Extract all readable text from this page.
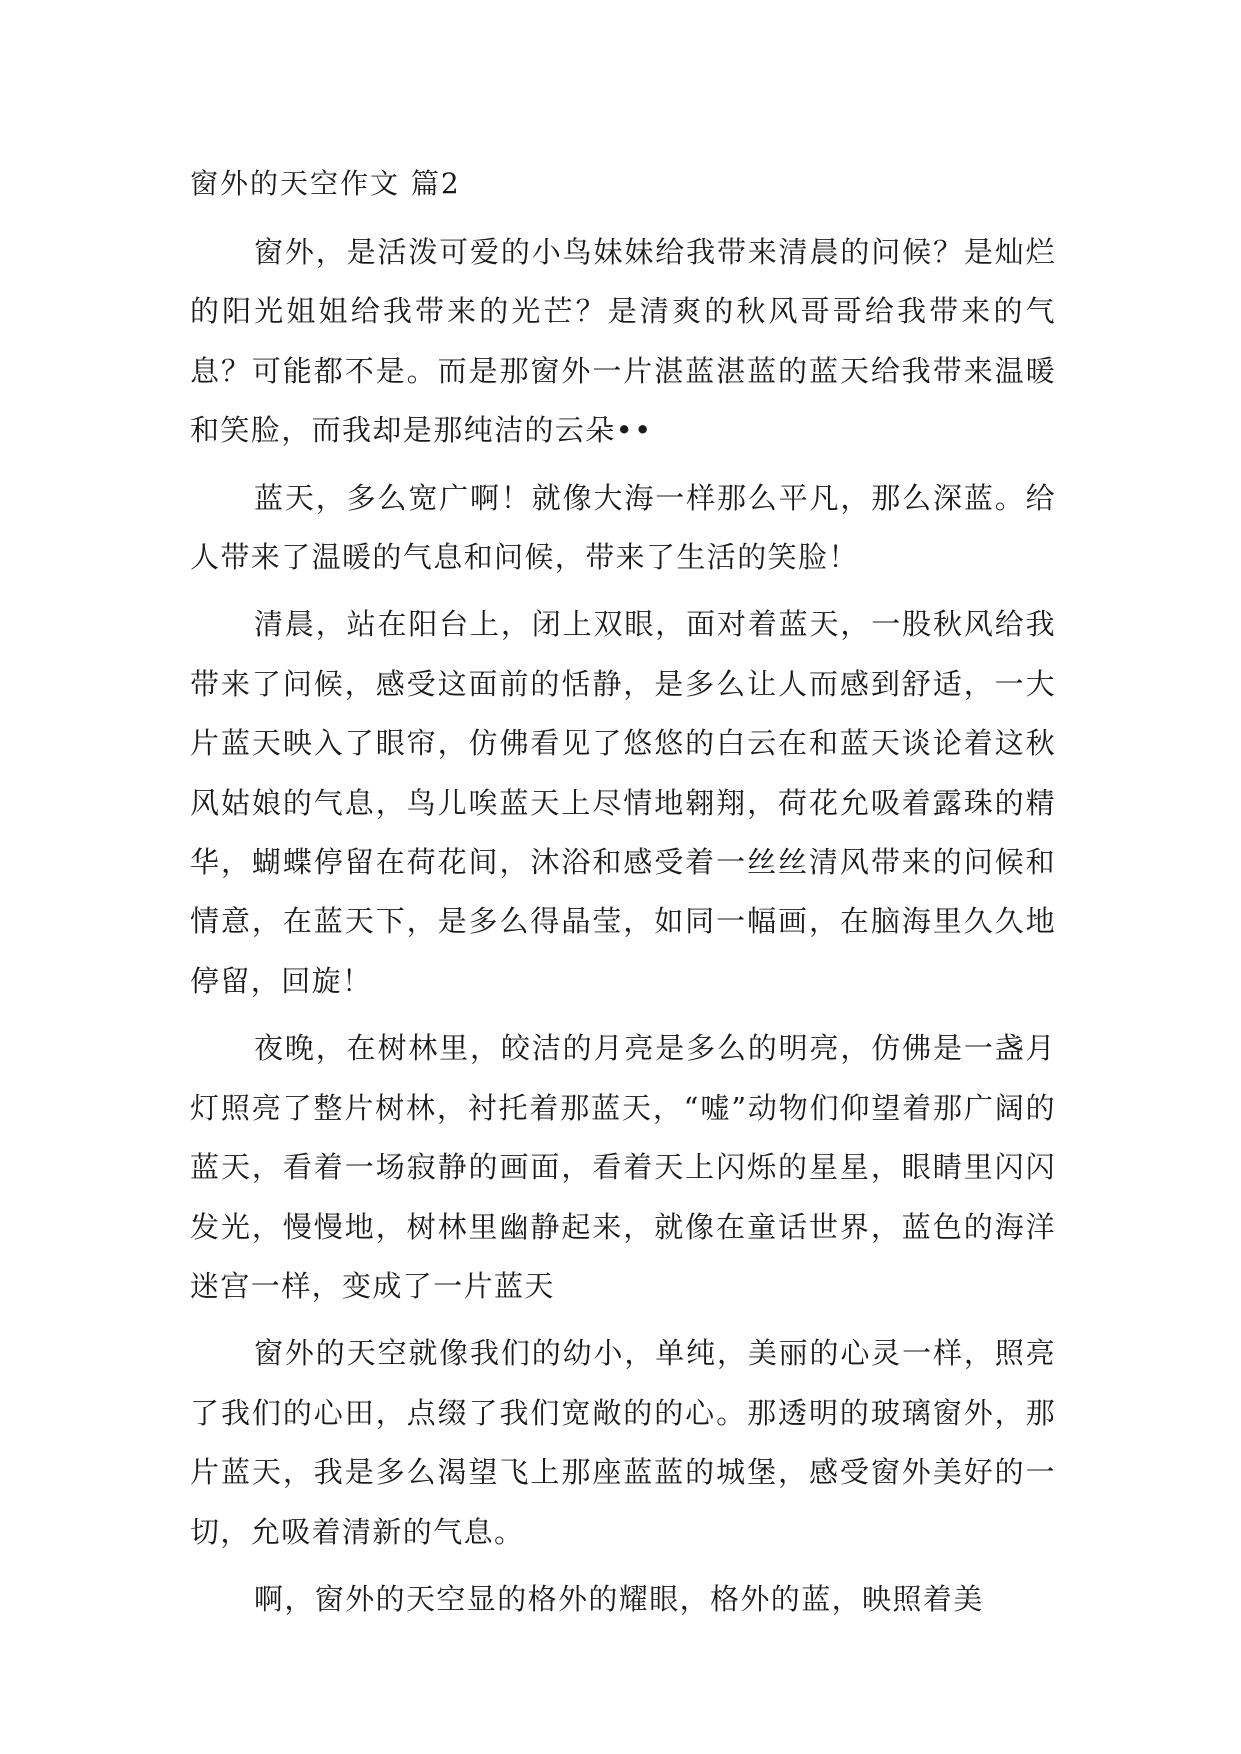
窗外的天空作文 篇2

窗外，是活泼可爱的小鸟妹妹给我带来清晨的问候？是灿烂的阳光姐姐给我带来的光芒？是清爽的秋风哥哥给我带来的气息？可能都不是。而是那窗外一片湛蓝湛蓝的蓝天给我带来温暖和笑脸，而我却是那纯洁的云朵••

蓝天，多么宽广啊！就像大海一样那么平凡，那么深蓝。给人带来了温暖的气息和问候，带来了生活的笑脸！

清晨，站在阳台上，闭上双眼，面对着蓝天，一股秋风给我带来了问候，感受这面前的恬静，是多么让人而感到舒适，一大片蓝天映入了眼帘，仿佛看见了悠悠的白云在和蓝天谈论着这秋风姑娘的气息，鸟儿唉蓝天上尽情地翱翔，荷花允吸着露珠的精华，蝴蝶停留在荷花间，沐浴和感受着一丝丝清风带来的问候和情意，在蓝天下，是多么得晶莹，如同一幅画，在脑海里久久地停留，回旋！

夜晚，在树林里，皎洁的月亮是多么的明亮，仿佛是一盏月灯照亮了整片树林，衬托着那蓝天，“嘘”动物们仰望着那广阔的蓝天，看着一场寂静的画面，看着天上闪烁的星星，眼睛里闪闪发光，慢慢地，树林里幽静起来，就像在童话世界，蓝色的海洋迷宫一样，变成了一片蓝天

窗外的天空就像我们的幼小，单纯，美丽的心灵一样，照亮了我们的心田，点缀了我们宽敞的的心。那透明的玻璃窗外，那片蓝天，我是多么渴望飞上那座蓝蓝的城堡，感受窗外美好的一切，允吸着清新的气息。

啊，窗外的天空显的格外的耀眼，格外的蓝，映照着美
